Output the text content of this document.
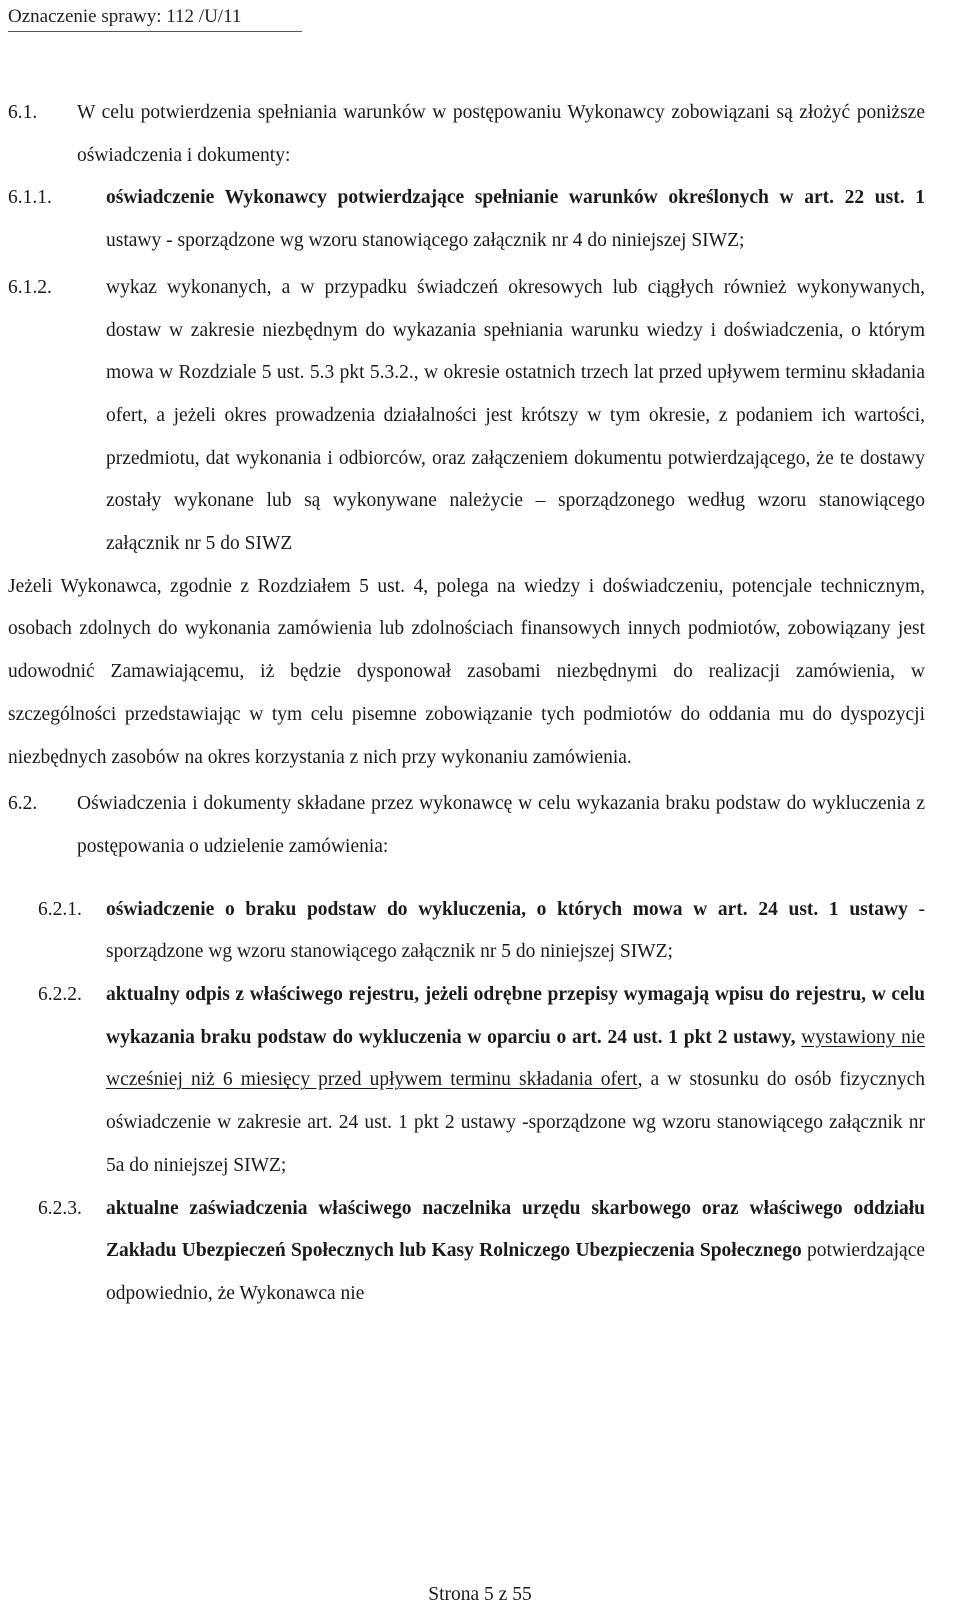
Oznaczenie sprawy: 112 /U/11
6.1. W celu potwierdzenia spełniania warunków w postępowaniu Wykonawcy zobowiązani są złożyć poniższe oświadczenia i dokumenty:
6.1.1.	oświadczenie Wykonawcy potwierdzające spełnianie warunków określonych w art. 22 ust. 1 ustawy - sporządzone wg wzoru stanowiącego załącznik nr 4 do niniejszej SIWZ;
6.1.2.	wykaz wykonanych, a w przypadku świadczeń okresowych lub ciągłych również wykonywanych, dostaw w zakresie niezbędnym do wykazania spełniania warunku wiedzy i doświadczenia, o którym mowa w Rozdziale 5 ust. 5.3 pkt 5.3.2., w okresie ostatnich trzech lat przed upływem terminu składania ofert, a jeżeli okres prowadzenia działalności jest krótszy w tym okresie, z podaniem ich wartości, przedmiotu, dat wykonania i odbiorców, oraz załączeniem dokumentu potwierdzającego, że te dostawy zostały wykonane lub są wykonywane należycie – sporządzonego według wzoru stanowiącego załącznik nr 5 do SIWZ
Jeżeli Wykonawca, zgodnie z Rozdziałem 5 ust. 4, polega na wiedzy i doświadczeniu, potencjale technicznym, osobach zdolnych do wykonania zamówienia lub zdolnościach finansowych innych podmiotów, zobowiązany jest udowodnić Zamawiającemu, iż będzie dysponował zasobami niezbędnymi do realizacji zamówienia, w szczególności przedstawiając w tym celu pisemne zobowiązanie tych podmiotów do oddania mu do dyspozycji niezbędnych zasobów na okres korzystania z nich przy wykonaniu zamówienia.
6.2. Oświadczenia i dokumenty składane przez wykonawcę w celu wykazania braku podstaw do wykluczenia z postępowania o udzielenie zamówienia:
6.2.1. oświadczenie o braku podstaw do wykluczenia, o których mowa w art. 24 ust. 1 ustawy - sporządzone wg wzoru stanowiącego załącznik nr 5 do niniejszej SIWZ;
6.2.2. aktualny odpis z właściwego rejestru, jeżeli odrębne przepisy wymagają wpisu do rejestru, w celu wykazania braku podstaw do wykluczenia w oparciu o art. 24 ust. 1 pkt 2 ustawy, wystawiony nie wcześniej niż 6 miesięcy przed upływem terminu składania ofert, a w stosunku do osób fizycznych oświadczenie w zakresie art. 24 ust. 1 pkt 2 ustawy -sporządzone wg wzoru stanowiącego załącznik nr 5a do niniejszej SIWZ;
6.2.3. aktualne zaświadczenia właściwego naczelnika urzędu skarbowego oraz właściwego oddziału Zakładu Ubezpieczeń Społecznych lub Kasy Rolniczego Ubezpieczenia Społecznego potwierdzające odpowiednio, że Wykonawca nie
Strona 5 z 55
